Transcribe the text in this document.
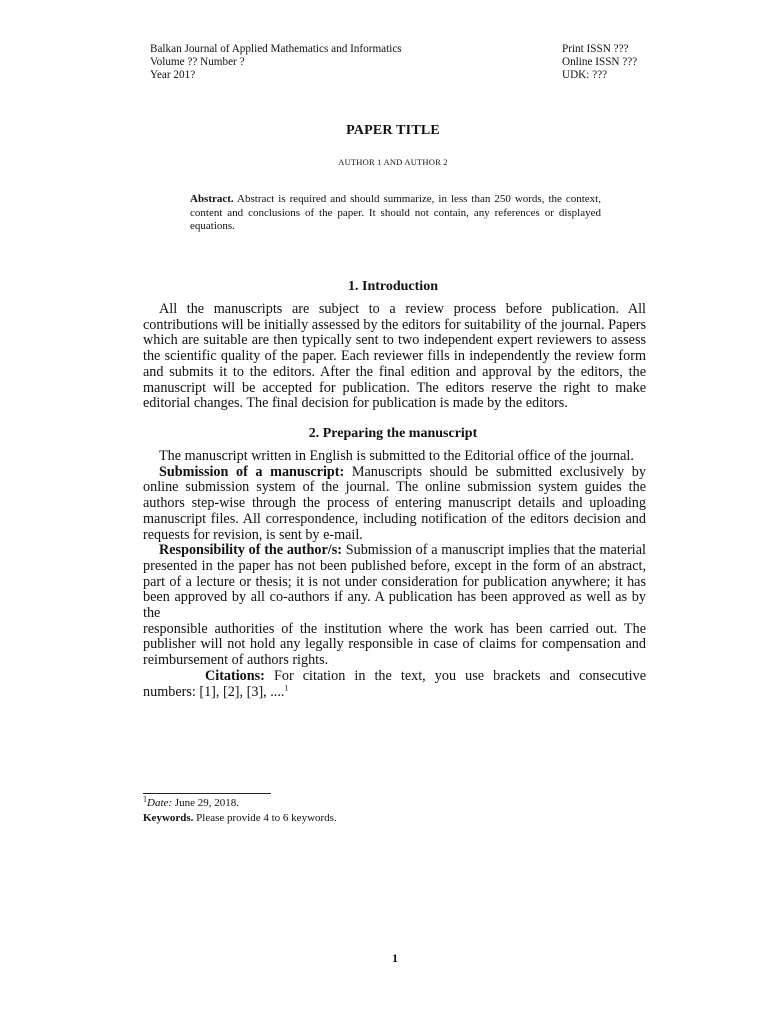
Balkan Journal of Applied Mathematics and Informatics
Volume ?? Number ?
Year 201?
Print ISSN ???
Online ISSN ???
UDK: ???
PAPER TITLE
AUTHOR 1 AND AUTHOR 2
Abstract. Abstract is required and should summarize, in less than 250 words, the context, content and conclusions of the paper. It should not contain, any references or displayed equations.
1. Introduction

All the manuscripts are subject to a review process before publication. All contributions will be initially assessed by the editors for suitability of the journal. Papers which are suitable are then typically sent to two independent expert reviewers to assess the scientific quality of the paper. Each reviewer fills in independently the review form and submits it to the editors. After the final edition and approval by the editors, the manuscript will be accepted for publication. The editors reserve the right to make editorial changes. The final decision for publication is made by the editors.

2. Preparing the manuscript

The manuscript written in English is submitted to the Editorial office of the journal.

Submission of a manuscript: Manuscripts should be submitted exclusively by online submission system of the journal. The online submission system guides the authors step-wise through the process of entering manuscript details and uploading manuscript files. All correspondence, including notification of the editors decision and requests for revision, is sent by e-mail.

Responsibility of the author/s: Submission of a manuscript implies that the material presented in the paper has not been published before, except in the form of an abstract, part of a lecture or thesis; it is not under consideration for publication anywhere; it has been approved by all co-authors if any. A publication has been approved as well as by the

responsible authorities of the institution where the work has been carried out. The publisher will not hold any legally responsible in case of claims for compensation and reimbursement of authors rights.

Citations: For citation in the text, you use brackets and consecutive numbers: [1], [2], [3], ....$^1$

$^1$Date: June 29, 2018.
Keywords. Please provide 4 to 6 keywords.
1
